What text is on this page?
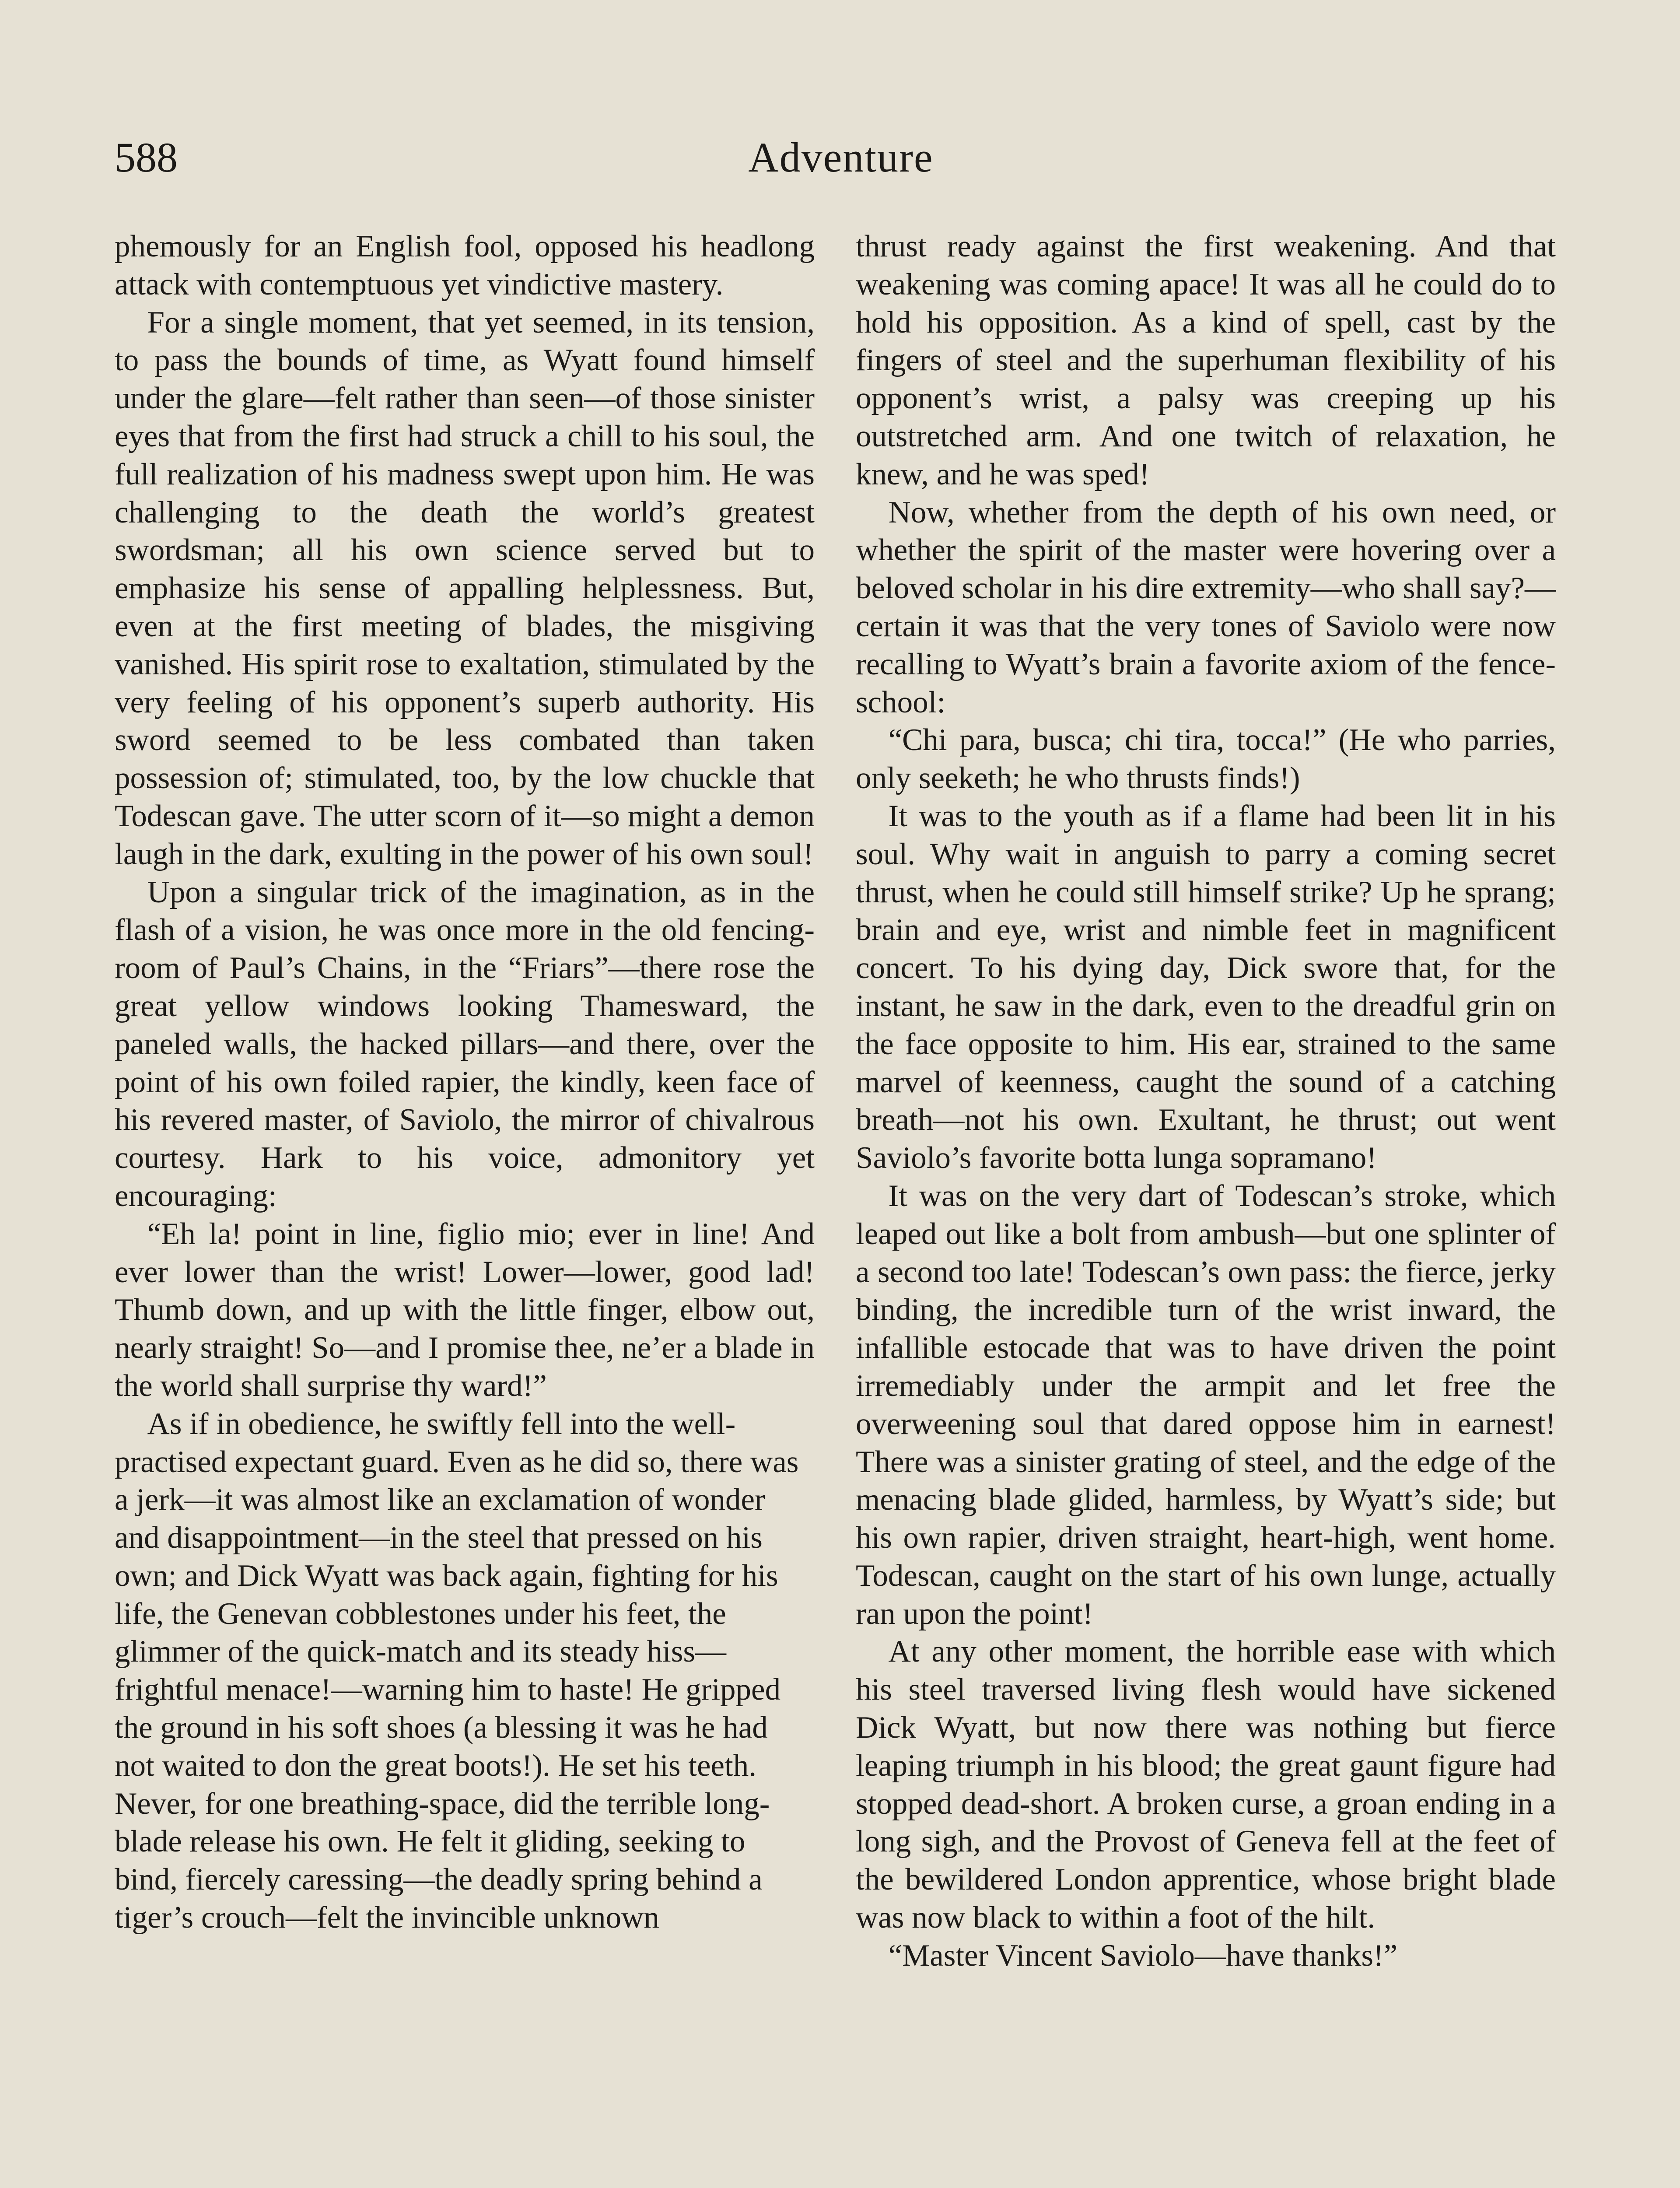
588	Adventure

phemously for an English fool, opposed his headlong attack with contemptuous yet vindictive mastery.

For a single moment, that yet seemed, in its tension, to pass the bounds of time, as Wyatt found himself under the glare—felt rather than seen—of those sinister eyes that from the first had struck a chill to his soul, the full realization of his madness swept upon him. He was challenging to the death the world’s greatest swordsman; all his own science served but to emphasize his sense of appalling helplessness. But, even at the first meeting of blades, the misgiving vanished. His spirit rose to exaltation, stimulated by the very feeling of his opponent’s superb authority. His sword seemed to be less combated than taken possession of; stimulated, too, by the low chuckle that Todescan gave. The utter scorn of it—so might a demon laugh in the dark, exulting in the power of his own soul!

Upon a singular trick of the imagination, as in the flash of a vision, he was once more in the old fencing-room of Paul’s Chains, in the “Friars”—there rose the great yellow windows looking Thamesward, the paneled walls, the hacked pillars—and there, over the point of his own foiled rapier, the kindly, keen face of his revered master, of Saviolo, the mirror of chivalrous courtesy. Hark to his voice, admonitory yet encouraging:

“Eh la! point in line, figlio mio; ever in line! And ever lower than the wrist! Lower—lower, good lad! Thumb down, and up with the little finger, elbow out, nearly straight! So—and I promise thee, ne’er a blade in the world shall surprise thy ward!”

As if in obedience, he swiftly fell into the well-practised expectant guard. Even as he did so, there was a jerk—it was almost like an exclamation of wonder and disappointment—in the steel that pressed on his own; and Dick Wyatt was back again, fighting for his life, the Genevan cobblestones under his feet, the glimmer of the quick-match and its steady hiss—frightful menace!—warning him to haste! He gripped the ground in his soft shoes (a blessing it was he had not waited to don the great boots!). He set his teeth. Never, for one breathing-space, did the terrible long-blade release his own. He felt it gliding, seeking to bind, fiercely caressing—the deadly spring behind a tiger’s crouch—felt the invincible unknown

thrust ready against the first weakening. And that weakening was coming apace! It was all he could do to hold his opposition. As a kind of spell, cast by the fingers of steel and the superhuman flexibility of his opponent’s wrist, a palsy was creeping up his outstretched arm. And one twitch of relaxation, he knew, and he was sped!

Now, whether from the depth of his own need, or whether the spirit of the master were hovering over a beloved scholar in his dire extremity—who shall say?—certain it was that the very tones of Saviolo were now recalling to Wyatt’s brain a favorite axiom of the fence-school:

“Chi para, busca; chi tira, tocca!” (He who parries, only seeketh; he who thrusts finds!)

It was to the youth as if a flame had been lit in his soul. Why wait in anguish to parry a coming secret thrust, when he could still himself strike? Up he sprang; brain and eye, wrist and nimble feet in magnificent concert. To his dying day, Dick swore that, for the instant, he saw in the dark, even to the dreadful grin on the face opposite to him. His ear, strained to the same marvel of keenness, caught the sound of a catching breath—not his own. Exultant, he thrust; out went Saviolo’s favorite botta lunga sopramano!

It was on the very dart of Todescan’s stroke, which leaped out like a bolt from ambush—but one splinter of a second too late! Todescan’s own pass: the fierce, jerky binding, the incredible turn of the wrist inward, the infallible estocade that was to have driven the point irremediably under the armpit and let free the overweening soul that dared oppose him in earnest! There was a sinister grating of steel, and the edge of the menacing blade glided, harmless, by Wyatt’s side; but his own rapier, driven straight, heart-high, went home. Todescan, caught on the start of his own lunge, actually ran upon the point!

At any other moment, the horrible ease with which his steel traversed living flesh would have sickened Dick Wyatt, but now there was nothing but fierce leaping triumph in his blood; the great gaunt figure had stopped dead-short. A broken curse, a groan ending in a long sigh, and the Provost of Geneva fell at the feet of the bewildered London apprentice, whose bright blade was now black to within a foot of the hilt.

“Master Vincent Saviolo—have thanks!”
